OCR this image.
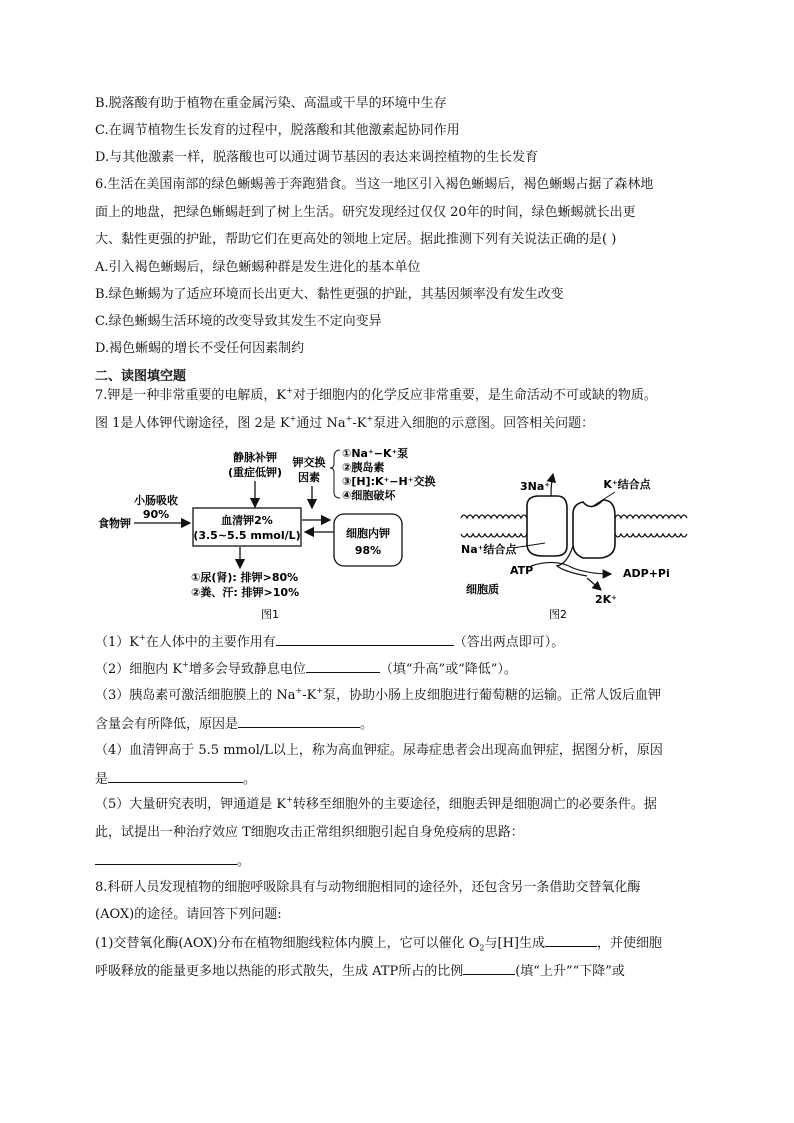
B.脱落酸有助于植物在重金属污染、高温或干旱的环境中生存
C.在调节植物生长发育的过程中，脱落酸和其他激素起协同作用
D.与其他激素一样，脱落酸也可以通过调节基因的表达来调控植物的生长发育
6.生活在美国南部的绿色蜥蜴善于奔跑猎食。当这一地区引入褐色蜥蜴后，褐色蜥蜴占据了森林地
面上的地盘，把绿色蜥蜴赶到了树上生活。研究发现经过仅仅 20年的时间，绿色蜥蜴就长出更
大、黏性更强的护趾，帮助它们在更高处的领地上定居。据此推测下列有关说法正确的是( )
A.引入褐色蜥蜴后，绿色蜥蜴种群是发生进化的基本单位
B.绿色蜥蜴为了适应环境而长出更大、黏性更强的护趾，其基因频率没有发生改变
C.绿色蜥蜴生活环境的改变导致其发生不定向变异
D.褐色蜥蜴的增长不受任何因素制约
二、读图填空题
7.钾是一种非常重要的电解质，K+对于细胞内的化学反应非常重要，是生命活动不可或缺的物质。
图 1是人体钾代谢途径，图 2是 K+通过 Na+-K+泵进入细胞的示意图。回答相关问题：
静脉补钾
(重症低钾)
钾交换
因素
①Na⁺−K⁺泵
②胰岛素
③[H]:K⁺−H⁺交换
④细胞破坏
食物钾
小肠吸收
90%	血清钾2%
(3.5~5.5 mmol/L)	细胞内钾
98%
①尿(肾): 排钾>80%
②粪、汗: 排钾>10%
图1
3Na⁺	K⁺结合点
Na⁺结合点
ATP	ADP+Pi
2K⁺
细胞质
图2
（1）K+在人体中的主要作用有	（答出两点即可）。
（2）细胞内 K+增多会导致静息电位	（填“升高”或“降低”）。
（3）胰岛素可激活细胞膜上的 Na+-K+泵，协助小肠上皮细胞进行葡萄糖的运输。正常人饭后血钾
含量会有所降低，原因是	。
（4）血清钾高于 5.5 mmol/L以上，称为高血钾症。尿毒症患者会出现高血钾症，据图分析，原因
是	。
（5）大量研究表明，钾通道是 K+转移至细胞外的主要途径，细胞丢钾是细胞凋亡的必要条件。据
此，试提出一种治疗效应 T细胞攻击正常组织细胞引起自身免疫病的思路：
。
8.科研人员发现植物的细胞呼吸除具有与动物细胞相同的途径外，还包含另一条借助交替氧化酶
(AOX)的途径。请回答下列问题:
(1)交替氧化酶(AOX)分布在植物细胞线粒体内膜上，它可以催化 $O_2$与[H]生成	，并使细胞
呼吸释放的能量更多地以热能的形式散失，生成 ATP所占的比例	(填“上升”“下降”或
